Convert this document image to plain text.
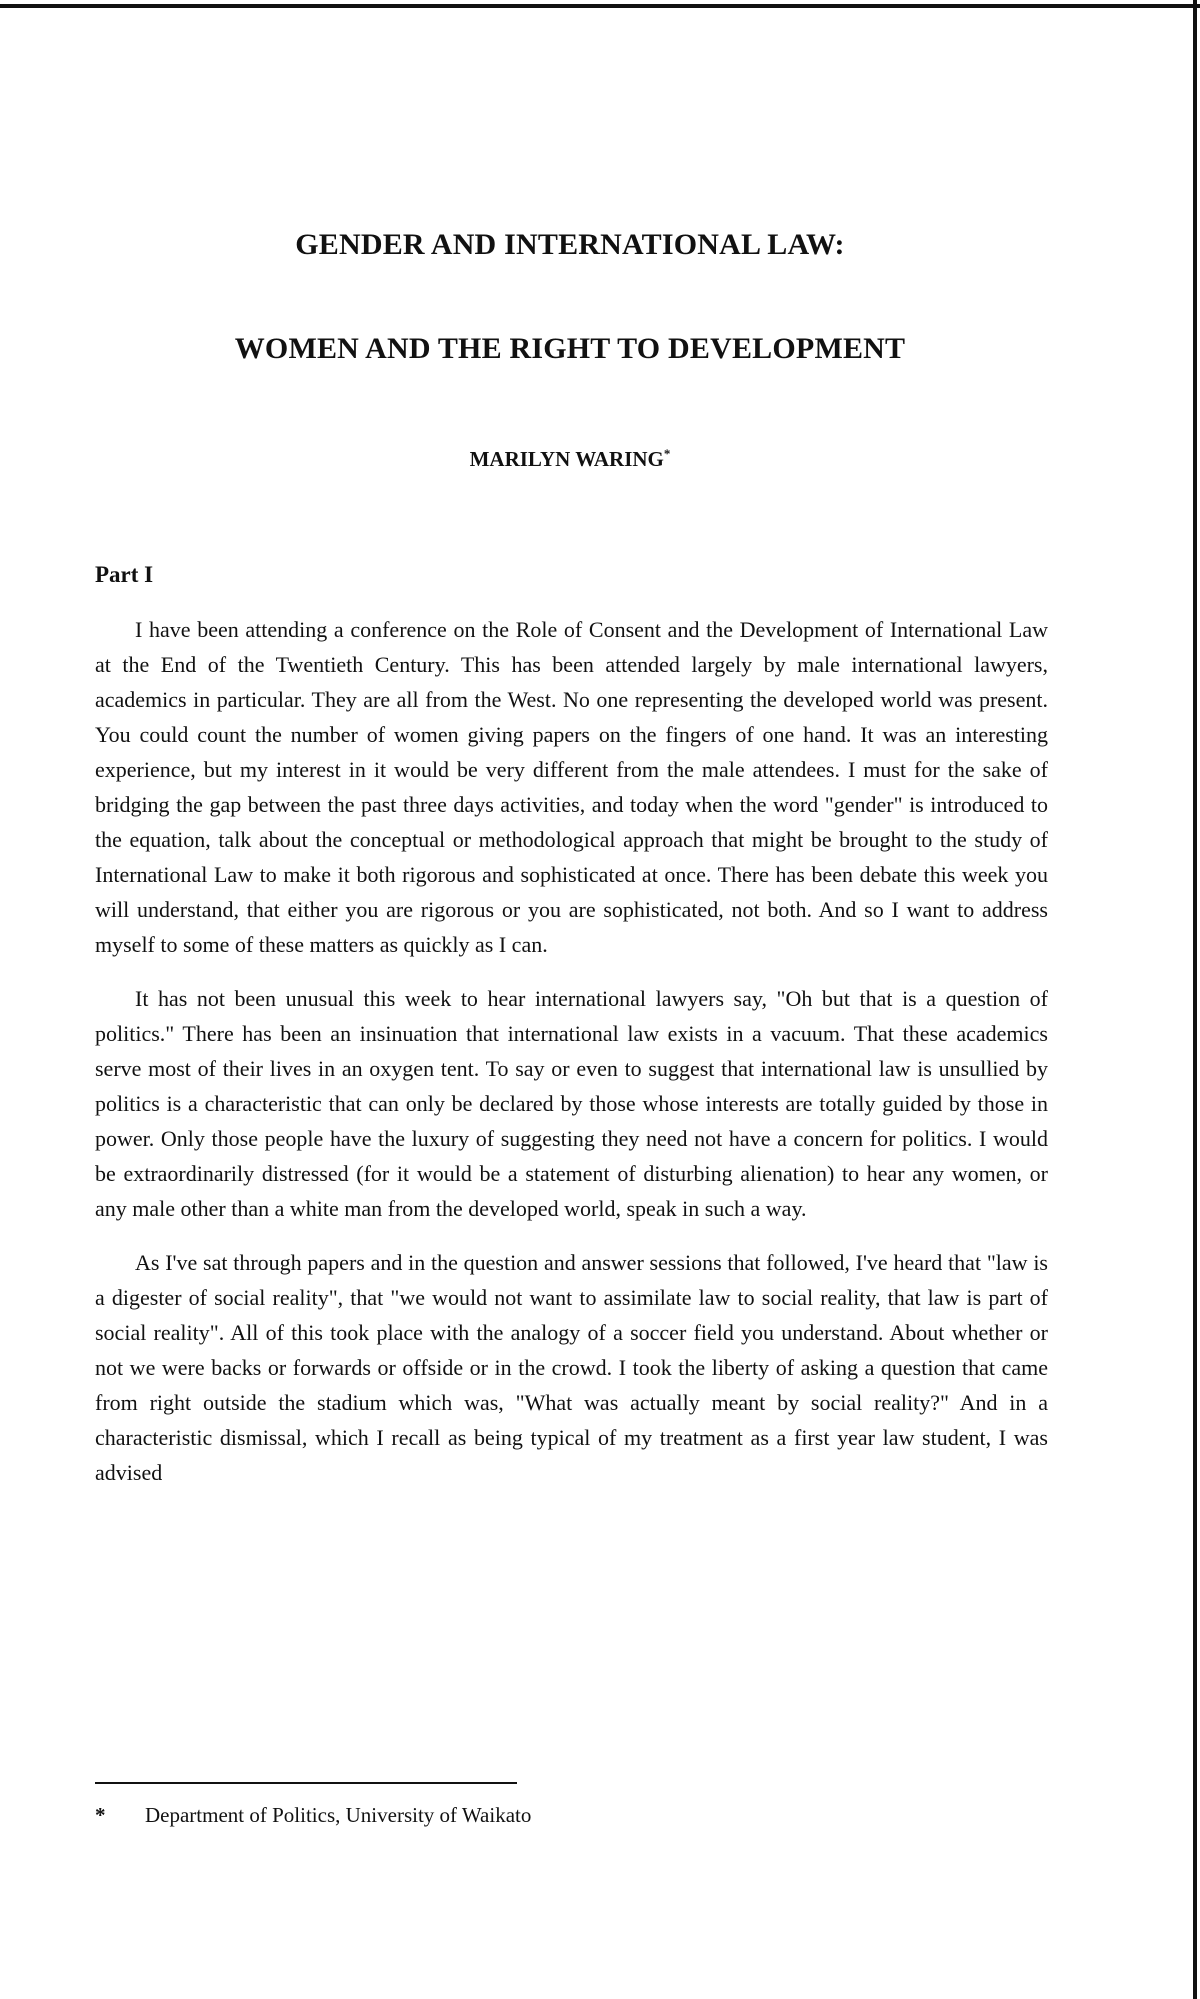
GENDER AND INTERNATIONAL LAW:
WOMEN AND THE RIGHT TO DEVELOPMENT
MARILYN WARING*
Part I

I have been attending a conference on the Role of Consent and the Development of International Law at the End of the Twentieth Century. This has been attended largely by male international lawyers, academics in particular. They are all from the West. No one representing the developed world was present. You could count the number of women giving papers on the fingers of one hand. It was an interesting experience, but my interest in it would be very different from the male attendees. I must for the sake of bridging the gap between the past three days activities, and today when the word "gender" is introduced to the equation, talk about the conceptual or methodological approach that might be brought to the study of International Law to make it both rigorous and sophisticated at once. There has been debate this week you will understand, that either you are rigorous or you are sophisticated, not both. And so I want to address myself to some of these matters as quickly as I can.

It has not been unusual this week to hear international lawyers say, "Oh but that is a question of politics." There has been an insinuation that international law exists in a vacuum. That these academics serve most of their lives in an oxygen tent. To say or even to suggest that international law is unsullied by politics is a characteristic that can only be declared by those whose interests are totally guided by those in power. Only those people have the luxury of suggesting they need not have a concern for politics. I would be extraordinarily distressed (for it would be a statement of disturbing alienation) to hear any women, or any male other than a white man from the developed world, speak in such a way.

As I've sat through papers and in the question and answer sessions that followed, I've heard that "law is a digester of social reality", that "we would not want to assimilate law to social reality, that law is part of social reality". All of this took place with the analogy of a soccer field you understand. About whether or not we were backs or forwards or offside or in the crowd. I took the liberty of asking a question that came from right outside the stadium which was, "What was actually meant by social reality?" And in a characteristic dismissal, which I recall as being typical of my treatment as a first year law student, I was advised

* Department of Politics, University of Waikato
